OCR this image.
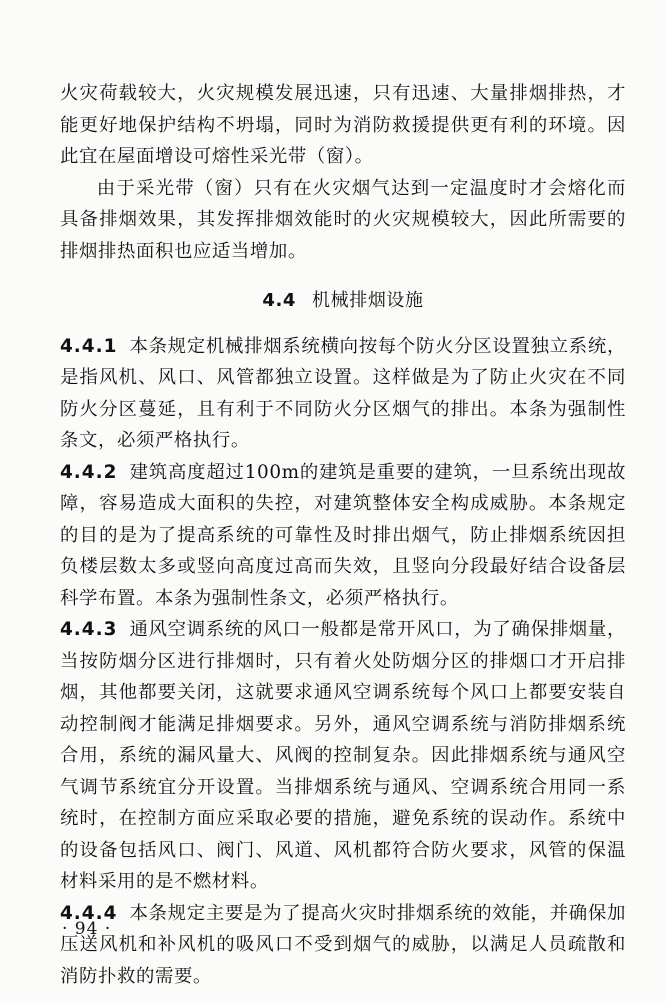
火灾荷载较大，火灾规模发展迅速，只有迅速、大量排烟排热，才能更好地保护结构不坍塌，同时为消防救援提供更有利的环境。因此宜在屋面增设可熔性采光带（窗）。

由于采光带（窗）只有在火灾烟气达到一定温度时才会熔化而具备排烟效果，其发挥排烟效能时的火灾规模较大，因此所需要的排烟排热面积也应适当增加。

4.4 机械排烟设施

4.4.1 本条规定机械排烟系统横向按每个防火分区设置独立系统，是指风机、风口、风管都独立设置。这样做是为了防止火灾在不同防火分区蔓延，且有利于不同防火分区烟气的排出。本条为强制性条文，必须严格执行。

4.4.2 建筑高度超过100m的建筑是重要的建筑，一旦系统出现故障，容易造成大面积的失控，对建筑整体安全构成威胁。本条规定的目的是为了提高系统的可靠性及时排出烟气，防止排烟系统因担负楼层数太多或竖向高度过高而失效，且竖向分段最好结合设备层科学布置。本条为强制性条文，必须严格执行。

4.4.3 通风空调系统的风口一般都是常开风口，为了确保排烟量，当按防烟分区进行排烟时，只有着火处防烟分区的排烟口才开启排烟，其他都要关闭，这就要求通风空调系统每个风口上都要安装自动控制阀才能满足排烟要求。另外，通风空调系统与消防排烟系统合用，系统的漏风量大、风阀的控制复杂。因此排烟系统与通风空气调节系统宜分开设置。当排烟系统与通风、空调系统合用同一系统时，在控制方面应采取必要的措施，避免系统的误动作。系统中的设备包括风口、阀门、风道、风机都符合防火要求，风管的保温材料采用的是不燃材料。

4.4.4 本条规定主要是为了提高火灾时排烟系统的效能，并确保加压送风机和补风机的吸风口不受到烟气的威胁，以满足人员疏散和消防扑救的需要。

· 94 ·
